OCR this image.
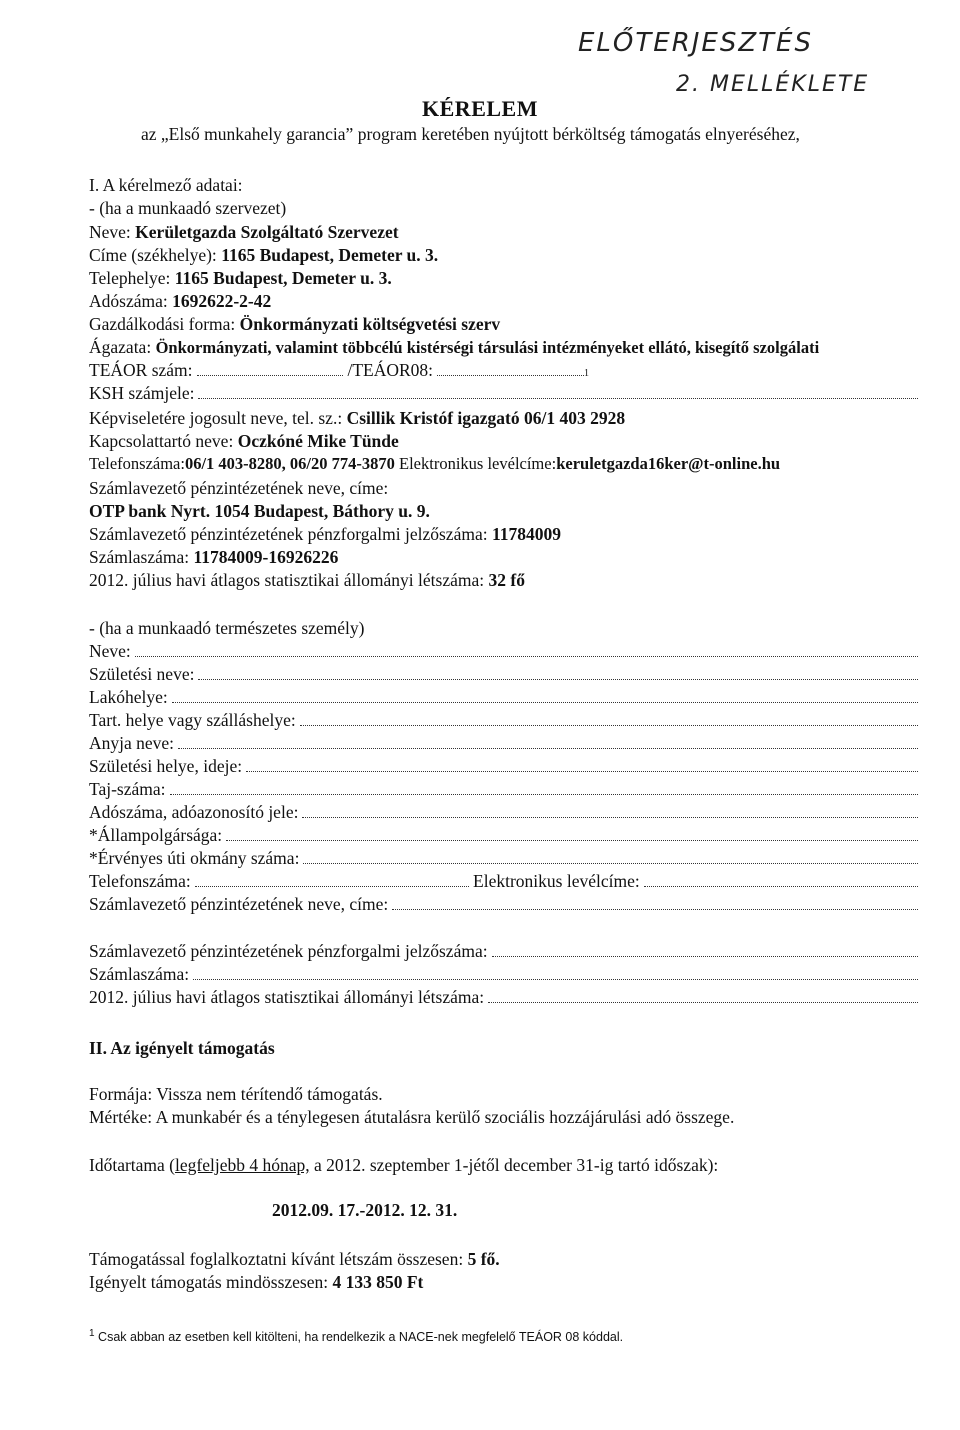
ELŐTERJESZTÉS
2. MELLÉKLETE
KÉRELEM
az „Első munkahely garancia” program keretében nyújtott bérköltség támogatás elnyeréséhez,
I. A kérelmező adatai:
- (ha a munkaadó szervezet)
Neve: Kerületgazda Szolgáltató Szervezet
Címe (székhelye): 1165 Budapest, Demeter u. 3.
Telephelye: 1165 Budapest, Demeter u. 3.
Adószáma: 1692622-2-42
Gazdálkodási forma: Önkormányzati költségvetési szerv
Ágazata: Önkormányzati, valamint többcélú kistérségi társulási intézményeket ellátó, kisegítő szolgálati
TEÁOR szám:	/TEÁOR08:	1
KSH számjele:
Képviseletére jogosult neve, tel. sz.: Csillik Kristóf igazgató 06/1 403 2928
Kapcsolattartó neve: Oczkóné Mike Tünde
Telefonszáma:06/1 403-8280, 06/20 774-3870 Elektronikus levélcíme:keruletgazda16ker@t-online.hu
Számlavezető pénzintézetének neve, címe:
OTP bank Nyrt. 1054 Budapest, Báthory u. 9.
Számlavezető pénzintézetének pénzforgalmi jelzőszáma: 11784009
Számlaszáma: 11784009-16926226
2012. július havi átlagos statisztikai állományi létszáma: 32 fő
- (ha a munkaadó természetes személy)
Neve:
Születési neve:
Lakóhelye:
Tart. helye vagy szálláshelye:
Anyja neve:
Születési helye, ideje:
Taj-száma:
Adószáma, adóazonosító jele:
*Állampolgársága:
*Érvényes úti okmány száma:
Telefonszáma:	Elektronikus levélcíme:
Számlavezető pénzintézetének neve, címe:
Számlavezető pénzintézetének pénzforgalmi jelzőszáma:
Számlaszáma:
2012. július havi átlagos statisztikai állományi létszáma:
II. Az igényelt támogatás
Formája: Vissza nem térítendő támogatás.
Mértéke: A munkabér és a ténylegesen átutalásra kerülő szociális hozzájárulási adó összege.
Időtartama (legfeljebb 4 hónap, a 2012. szeptember 1-jétől december 31-ig tartó időszak):
2012.09. 17.-2012. 12. 31.
Támogatással foglalkoztatni kívánt létszám összesen: 5 fő.
Igényelt támogatás mindösszesen: 4 133 850 Ft
$^1$ Csak abban az esetben kell kitölteni, ha rendelkezik a NACE-nek megfelelő TEÁOR 08 kóddal.
